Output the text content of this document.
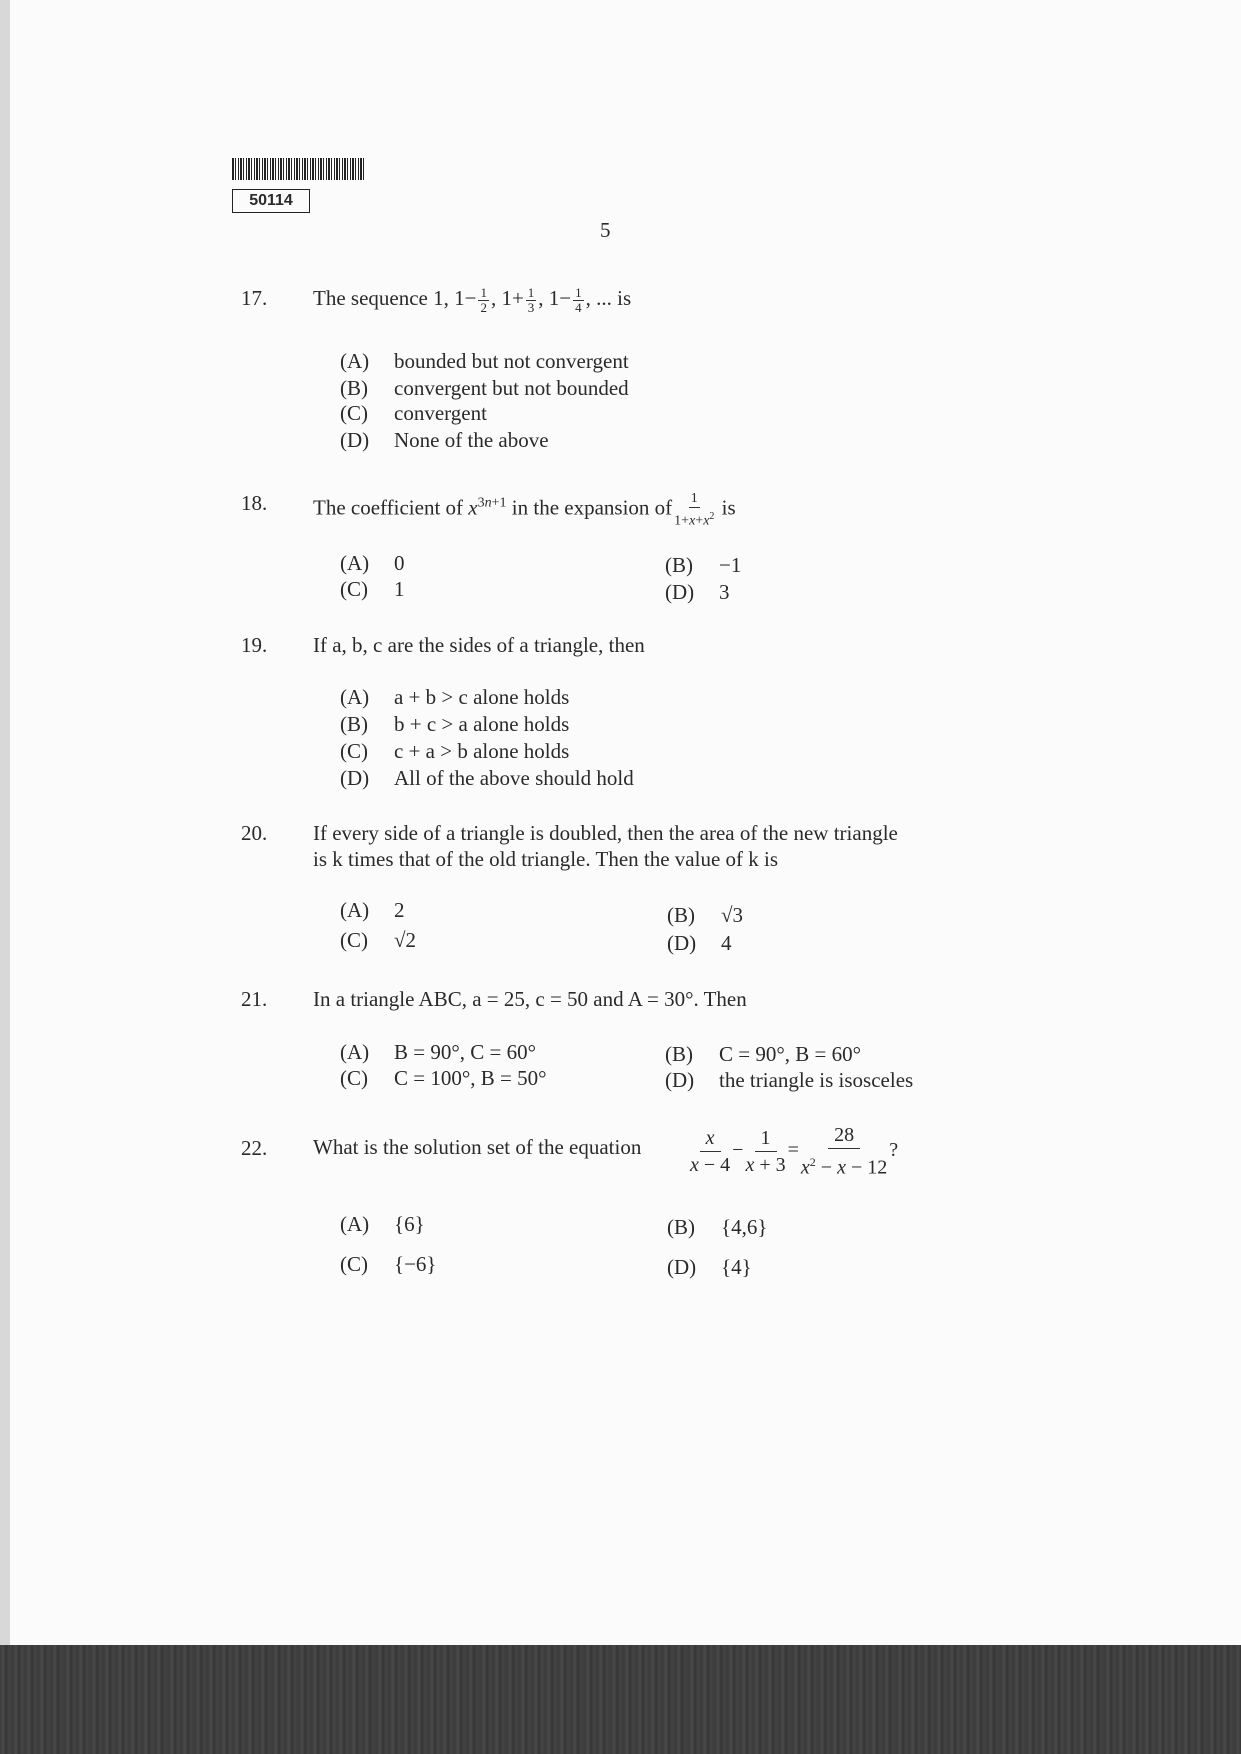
50114
5
17.	The sequence 1, $1- \frac{1}{2}$ , $1+ \frac{1}{3}$ , $1- \frac{1}{4}$ , ... is
(A) bounded but not convergent
(B) convergent but not bounded
(C) convergent
(D) None of the above
18.	The coefficient of $x^{3n+1}$ in the expansion of $\frac{1}{1+x+x^2}$ is
(A) 0	(B) −1
(C) 1	(D) 3
19.	If a, b, c are the sides of a triangle, then
(A) a + b > c alone holds
(B) b + c > a alone holds
(C) c + a > b alone holds
(D) All of the above should hold
20.	If every side of a triangle is doubled, then the area of the new triangle
is k times that of the old triangle. Then the value of k is
(A) 2	(B) √3
(C) √2	(D) 4
21.	In a triangle ABC, a = 25, c = 50 and A = 30°. Then
(A) B = 90°, C = 60°	(B) C = 90°, B = 60°
(C) C = 100°, B = 50°	(D) the triangle is isosceles
22.	What is the solution set of the equation $\frac{x}{x - 4} - \frac{1}{x + 3} = \frac{28}{x^2 - x - 12}$ ?
(A) {6}	(B) {4,6}
(C) {−6}	(D) {4}
